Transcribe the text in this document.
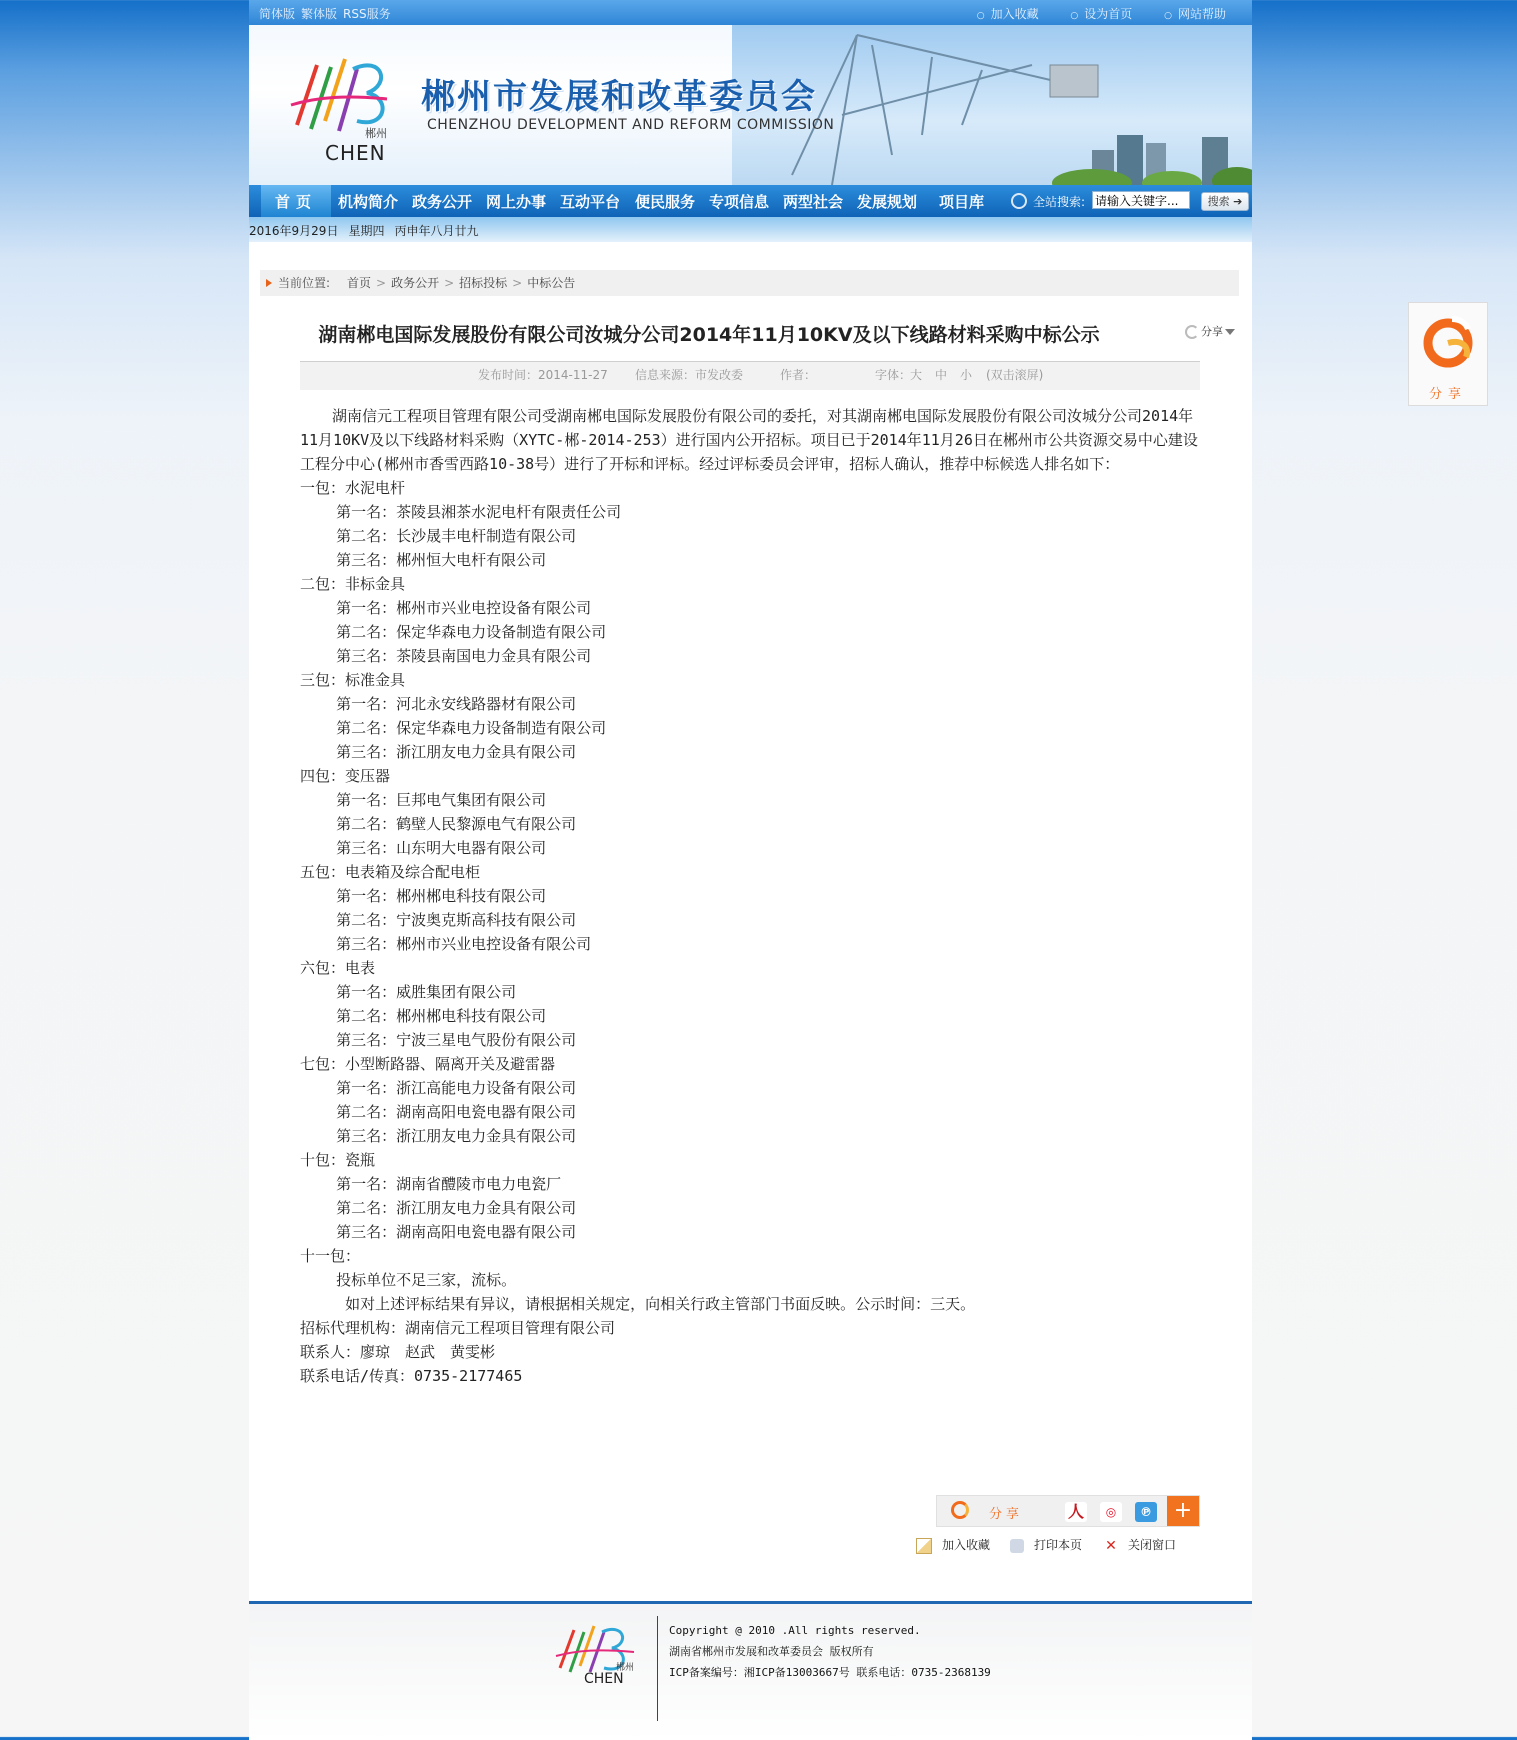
简体版 繁体版 RSS服务	○ 加入收藏	○ 设为首页	○ 网站帮助
郴州
CHEN
郴州市发展和改革委员会
CHENZHOU DEVELOPMENT AND REFORM COMMISSION
首页	机构简介 政务公开 网上办事 互动平台 便民服务 专项信息 两型社会 发展规划 项目库	全站搜索:
请输入关键字...	搜索 ➔
2016年9月29日 星期四 丙申年八月廿九
当前位置: 首页 > 政务公开 > 招标投标 > 中标公告
湖南郴电国际发展股份有限公司汝城分公司2014年11月10KV及以下线路材料采购中标公示	分享
发布时间：2014-11-27 信息来源：市发改委	作者：	字体：
大 中 小 (双击滚屏)

湖南信元工程项目管理有限公司受湖南郴电国际发展股份有限公司的委托，对其湖南郴电国际发展股份有限公司汝城分公司2014年11月10KV及以下线路材料采购（XYTC-郴-2014-253）进行国内公开招标。项目已于2014年11月26日在郴州市公共资源交易中心建设工程分中心(郴州市香雪西路10-38号）进行了开标和评标。经过评标委员会评审，招标人确认，推荐中标候选人排名如下：

一包：水泥电杆
第一名：茶陵县湘茶水泥电杆有限责任公司
第二名：长沙晟丰电杆制造有限公司
第三名：郴州恒大电杆有限公司
二包：非标金具
第一名：郴州市兴业电控设备有限公司
第二名：保定华森电力设备制造有限公司
第三名：茶陵县南国电力金具有限公司
三包：标准金具
第一名：河北永安线路器材有限公司
第二名：保定华森电力设备制造有限公司
第三名：浙江朋友电力金具有限公司
四包：变压器
第一名：巨邦电气集团有限公司
第二名：鹤壁人民黎源电气有限公司
第三名：山东明大电器有限公司
五包：电表箱及综合配电柜
第一名：郴州郴电科技有限公司
第二名：宁波奥克斯高科技有限公司
第三名：郴州市兴业电控设备有限公司
六包：电表
第一名：威胜集团有限公司
第二名：郴州郴电科技有限公司
第三名：宁波三星电气股份有限公司
七包：小型断路器、隔离开关及避雷器
第一名：浙江高能电力设备有限公司
第二名：湖南高阳电瓷电器有限公司
第三名：浙江朋友电力金具有限公司
十包：瓷瓶
第一名：湖南省醴陵市电力电瓷厂
第二名：浙江朋友电力金具有限公司
第三名：湖南高阳电瓷电器有限公司
十一包：
投标单位不足三家，流标。
如对上述评标结果有异议，请根据相关规定，向相关行政主管部门书面反映。公示时间：三天。
招标代理机构：湖南信元工程项目管理有限公司
联系人：廖琼　赵武　黄雯彬
联系电话/传真：0735-2177465
分享	人	◎	℗ +
加入收藏	打印本页 ✕ 关闭窗口
郴州
CHEN
Copyright @ 2010 .All rights reserved.
湖南省郴州市发展和改革委员会 版权所有
ICP备案编号：湘ICP备13003667号 联系电话：0735-2368139
分享
